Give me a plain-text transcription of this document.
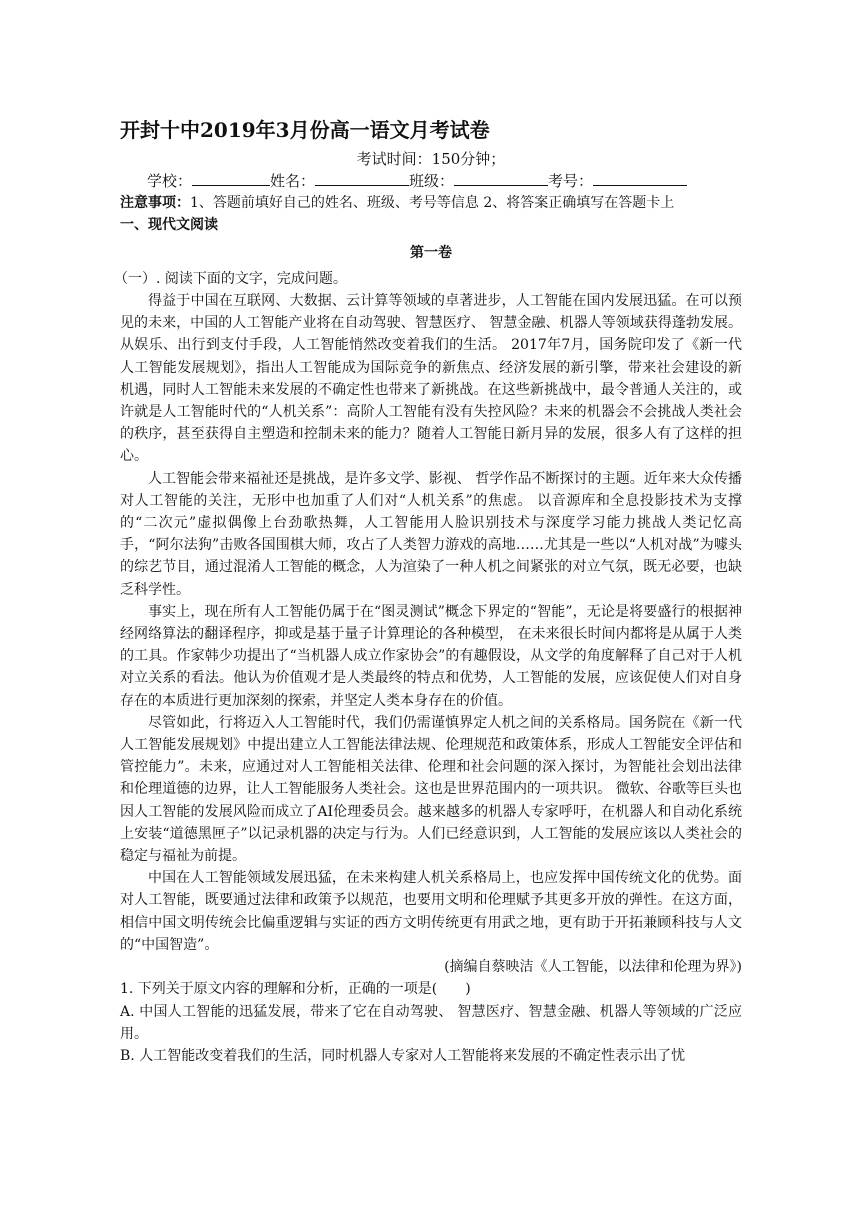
开封十中2019年3月份高一语文月考试卷
考试时间：150分钟；
学校：	姓名：	班级：	考号：
注意事项：1、答题前填好自己的姓名、班级、考号等信息 2、将答案正确填写在答题卡上
一、现代文阅读
第一卷
（一）. 阅读下面的文字，完成问题。

得益于中国在互联网、大数据、云计算等领域的卓著进步，人工智能在国内发展迅猛。在可以预见的未来，中国的人工智能产业将在自动驾驶、智慧医疗、 智慧金融、机器人等领域获得蓬勃发展。从娱乐、出行到支付手段，人工智能悄然改变着我们的生活。 2017年7月，国务院印发了《新一代人工智能发展规划》，指出人工智能成为国际竞争的新焦点、经济发展的新引擎，带来社会建设的新机遇，同时人工智能未来发展的不确定性也带来了新挑战。在这些新挑战中，最令普通人关注的，或许就是人工智能时代的“人机关系”：高阶人工智能有没有失控风险？未来的机器会不会挑战人类社会的秩序，甚至获得自主塑造和控制未来的能力？随着人工智能日新月异的发展，很多人有了这样的担心。

人工智能会带来福祉还是挑战，是许多文学、影视、 哲学作品不断探讨的主题。近年来大众传播对人工智能的关注，无形中也加重了人们对“人机关系”的焦虑。 以音源库和全息投影技术为支撑的“二次元”虚拟偶像上台劲歌热舞，人工智能用人脸识别技术与深度学习能力挑战人类记忆高手，“阿尔法狗”击败各国围棋大师，攻占了人类智力游戏的高地……尤其是一些以“人机对战”为噱头的综艺节目，通过混淆人工智能的概念，人为渲染了一种人机之间紧张的对立气氛，既无必要，也缺乏科学性。

事实上，现在所有人工智能仍属于在“图灵测试”概念下界定的“智能”，无论是将要盛行的根据神经网络算法的翻译程序，抑或是基于量子计算理论的各种模型， 在未来很长时间内都将是从属于人类的工具。作家韩少功提出了“当机器人成立作家协会”的有趣假设，从文学的角度解释了自己对于人机对立关系的看法。他认为价值观才是人类最终的特点和优势，人工智能的发展，应该促使人们对自身存在的本质进行更加深刻的探索，并坚定人类本身存在的价值。

尽管如此，行将迈入人工智能时代，我们仍需谨慎界定人机之间的关系格局。国务院在《新一代人工智能发展规划》中提出建立人工智能法律法规、伦理规范和政策体系，形成人工智能安全评估和管控能力”。未来，应通过对人工智能相关法律、伦理和社会问题的深入探讨，为智能社会划出法律和伦理道德的边界，让人工智能服务人类社会。这也是世界范围内的一项共识。 微软、谷歌等巨头也因人工智能的发展风险而成立了AI伦理委员会。越来越多的机器人专家呼吁，在机器人和自动化系统上安装“道德黑匣子”以记录机器的决定与行为。人们已经意识到，人工智能的发展应该以人类社会的稳定与福祉为前提。

中国在人工智能领域发展迅猛，在未来构建人机关系格局上，也应发挥中国传统文化的优势。面对人工智能，既要通过法律和政策予以规范，也要用文明和伦理赋予其更多开放的弹性。在这方面，相信中国文明传统会比偏重逻辑与实证的西方文明传统更有用武之地，更有助于开拓兼顾科技与人文的“中国智造”。

(摘编自蔡映洁《人工智能，以法律和伦理为界》)

1. 下列关于原文内容的理解和分析，正确的一项是(　　)

A. 中国人工智能的迅猛发展，带来了它在自动驾驶、 智慧医疗、智慧金融、机器人等领域的广泛应用。

B. 人工智能改变着我们的生活，同时机器人专家对人工智能将来发展的不确定性表示出了忧
